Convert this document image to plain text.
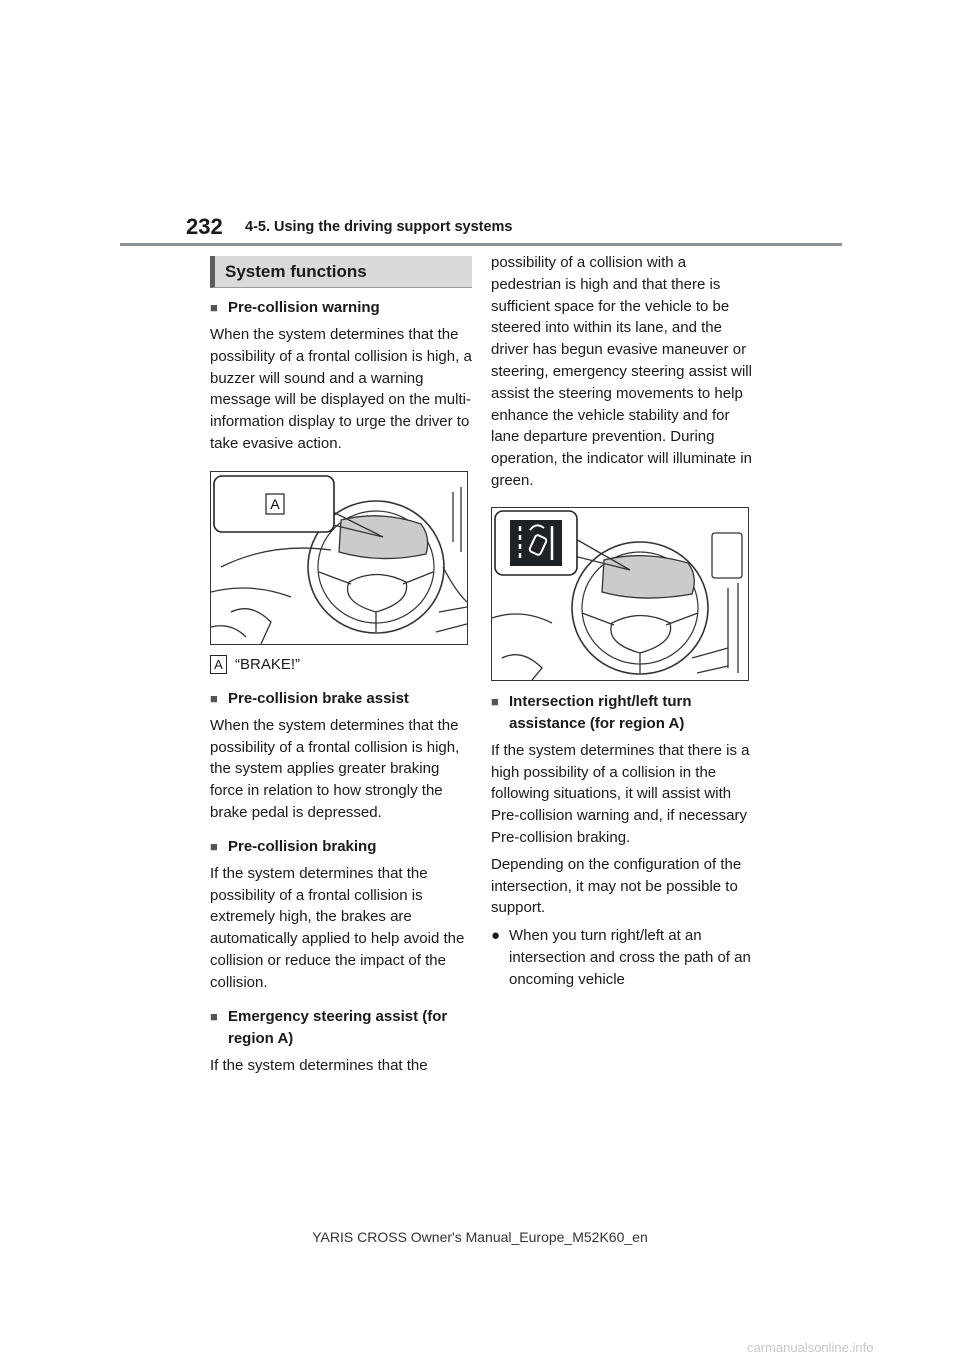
232 4-5. Using the driving support systems
System functions
■ Pre-collision warning
When the system determines that the possibility of a frontal collision is high, a buzzer will sound and a warning message will be displayed on the multi-information display to urge the driver to take evasive action.
A
A “BRAKE!”
■ Pre-collision brake assist
When the system determines that the possibility of a frontal collision is high, the system applies greater braking force in relation to how strongly the brake pedal is depressed.
■ Pre-collision braking
If the system determines that the possibility of a frontal collision is extremely high, the brakes are automatically applied to help avoid the collision or reduce the impact of the collision.
■ Emergency steering assist (for region A)
If the system determines that the
possibility of a collision with a pedestrian is high and that there is sufficient space for the vehicle to be steered into within its lane, and the driver has begun evasive maneuver or steering, emergency steering assist will assist the steering movements to help enhance the vehicle stability and for lane departure prevention. During operation, the indicator will illuminate in green.
■ Intersection right/left turn assistance (for region A)
If the system determines that there is a high possibility of a collision in the following situations, it will assist with Pre-collision warning and, if necessary Pre-collision braking.
Depending on the configuration of the intersection, it may not be possible to support.
● When you turn right/left at an intersection and cross the path of an oncoming vehicle
YARIS CROSS Owner's Manual_Europe_M52K60_en
carmanualsonline.info
